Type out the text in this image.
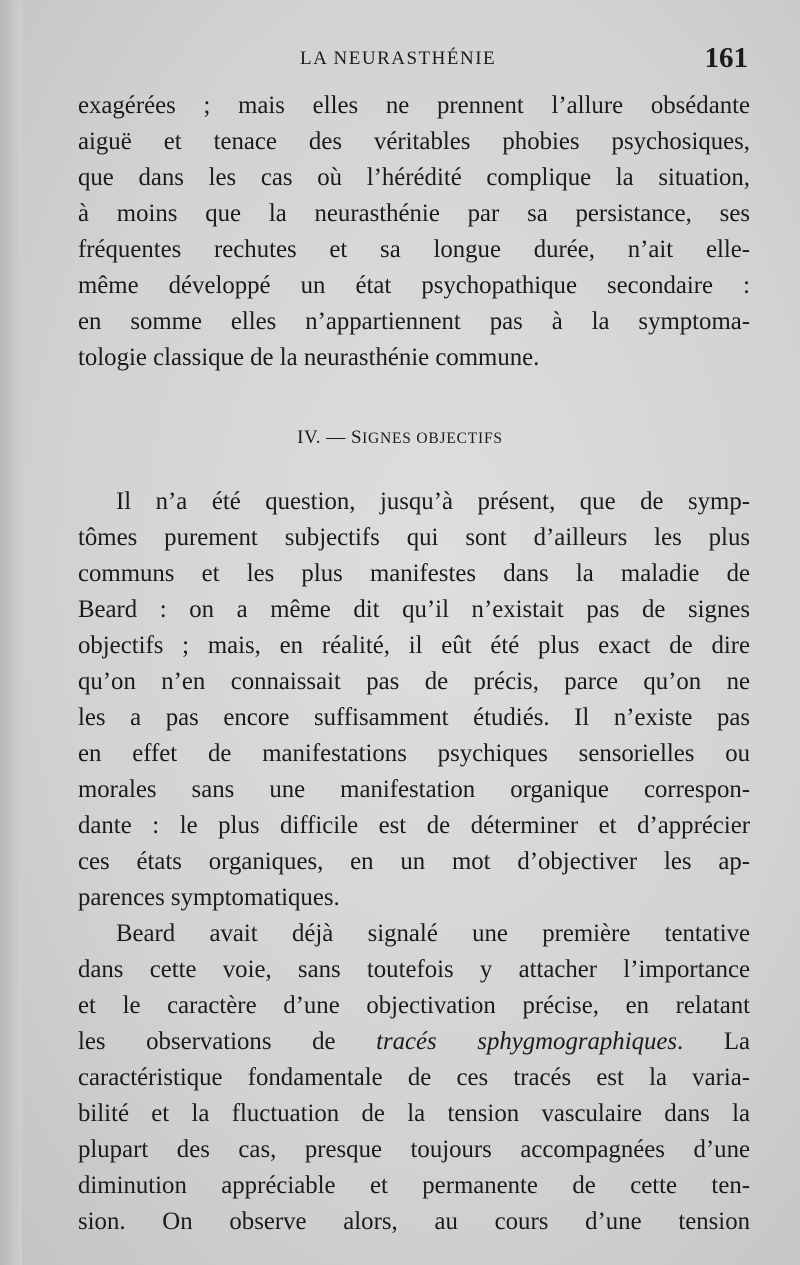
LA NEURASTHÉNIE	161
exagérées ; mais elles ne prennent l’allure obsédante
aiguë et tenace des véritables phobies psychosiques,
que dans les cas où l’hérédité complique la situation,
à moins que la neurasthénie par sa persistance, ses
fréquentes rechutes et sa longue durée, n’ait elle-
même développé un état psychopathique secondaire :
en somme elles n’appartiennent pas à la symptoma-
tologie classique de la neurasthénie commune.
IV. — SIGNES OBJECTIFS
Il n’a été question, jusqu’à présent, que de symp-
tômes purement subjectifs qui sont d’ailleurs les plus
communs et les plus manifestes dans la maladie de
Beard : on a même dit qu’il n’existait pas de signes
objectifs ; mais, en réalité, il eût été plus exact de dire
qu’on n’en connaissait pas de précis, parce qu’on ne
les a pas encore suffisamment étudiés. Il n’existe pas
en effet de manifestations psychiques sensorielles ou
morales sans une manifestation organique correspon-
dante : le plus difficile est de déterminer et d’apprécier
ces états organiques, en un mot d’objectiver les ap-
parences symptomatiques.
Beard avait déjà signalé une première tentative
dans cette voie, sans toutefois y attacher l’importance
et le caractère d’une objectivation précise, en relatant
les observations de tracés sphygmographiques. La
caractéristique fondamentale de ces tracés est la varia-
bilité et la fluctuation de la tension vasculaire dans la
plupart des cas, presque toujours accompagnées d’une
diminution appréciable et permanente de cette ten-
sion. On observe alors, au cours d’une tension
